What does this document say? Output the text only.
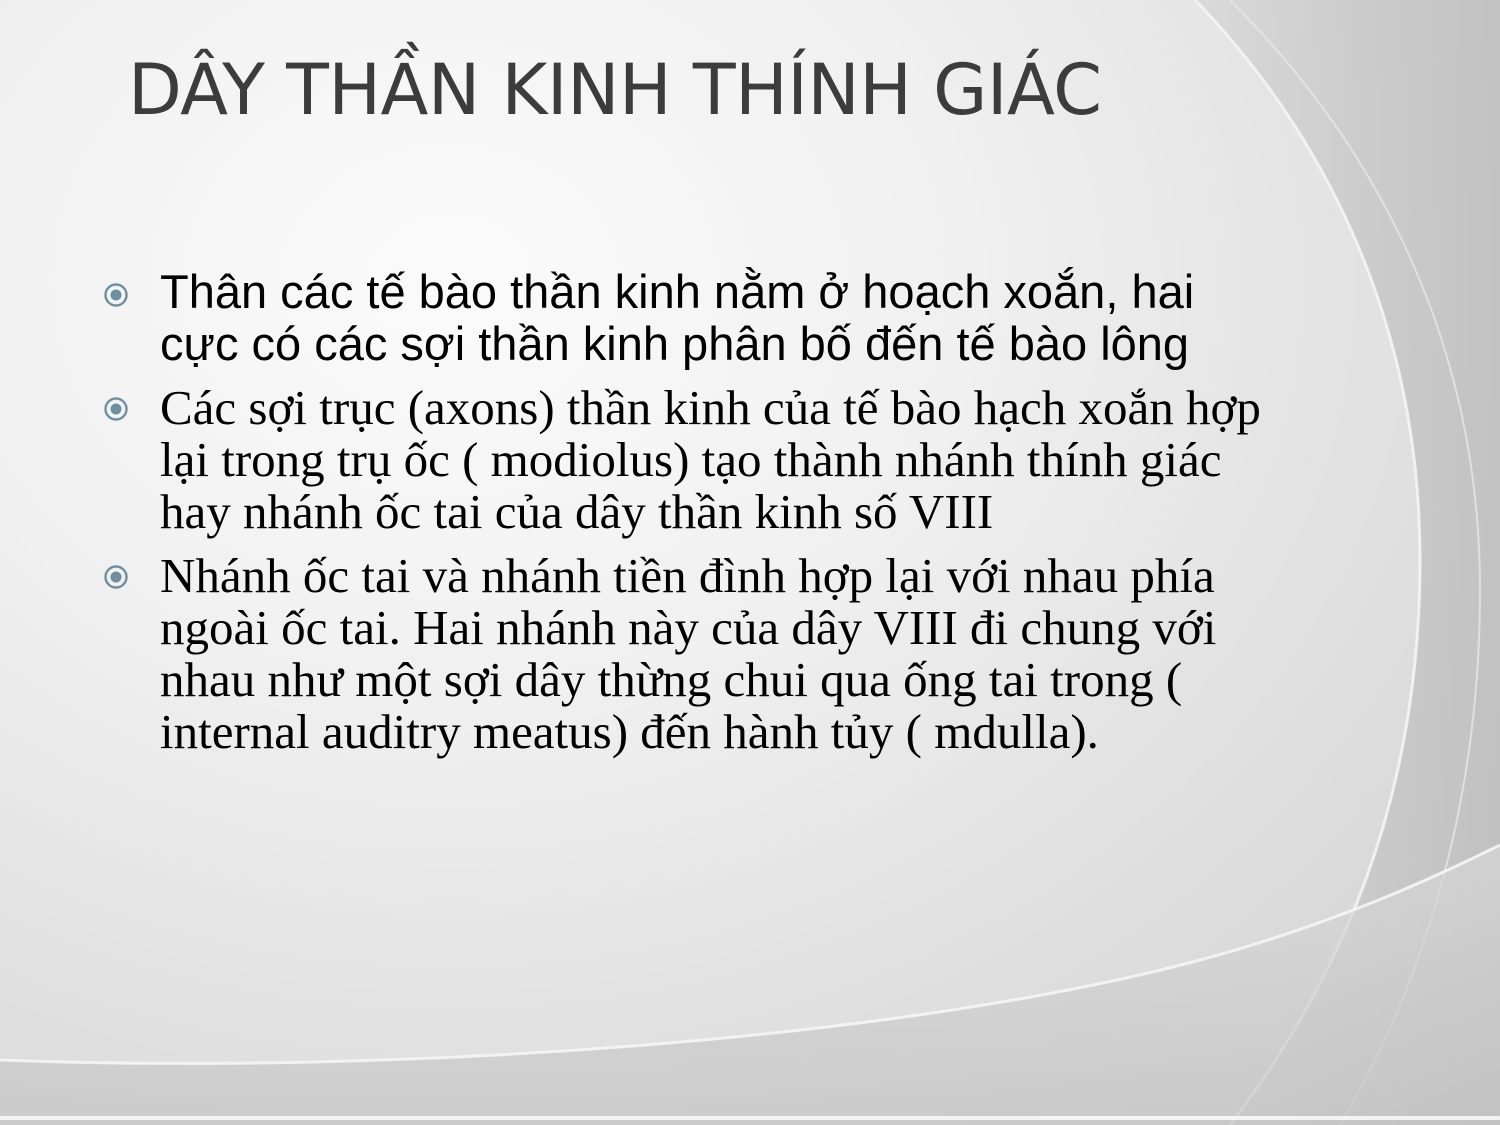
DÂY THẦN KINH THÍNH GIÁC
Thân các tế bào thần kinh nằm ở hoạch xoắn, hai cực có các sợi thần kinh phân bố đến tế bào lông
Các sợi trục (axons) thần kinh của tế bào hạch xoắn hợp lại trong trụ ốc ( modiolus) tạo thành nhánh thính giác hay nhánh ốc tai của dây thần kinh số VIII
Nhánh ốc tai và nhánh tiền đình hợp lại với nhau phía ngoài ốc tai. Hai nhánh này của dây VIII đi chung với nhau như một sợi dây thừng chui qua ống tai trong ( internal auditry meatus) đến hành tủy ( mdulla).
